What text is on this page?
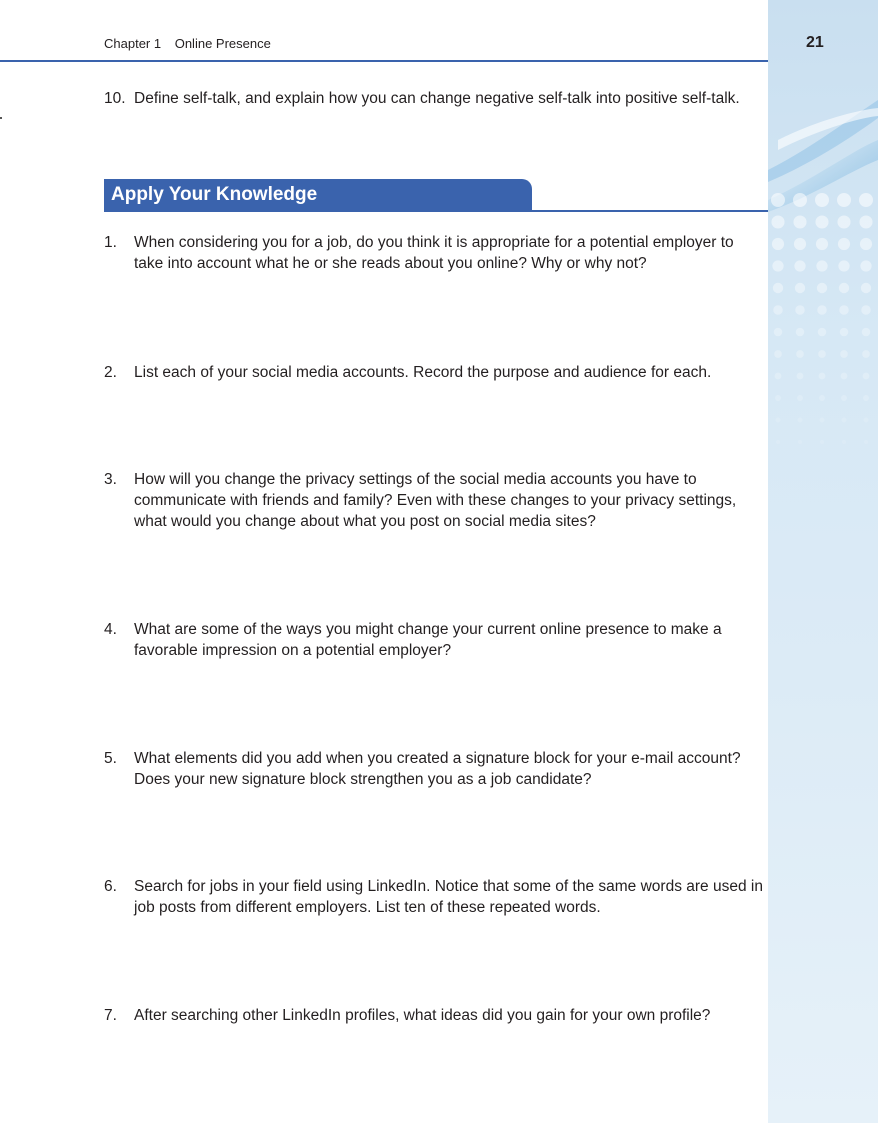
Chapter 1 Online Presence	21
10. Define self-talk, and explain how you can change negative self-talk into positive self-talk.
Apply Your Knowledge
1. When considering you for a job, do you think it is appropriate for a potential employer to take into account what he or she reads about you online? Why or why not?
2. List each of your social media accounts. Record the purpose and audience for each.
3. How will you change the privacy settings of the social media accounts you have to communicate with friends and family? Even with these changes to your privacy settings, what would you change about what you post on social media sites?
4. What are some of the ways you might change your current online presence to make a favorable impression on a potential employer?
5. What elements did you add when you created a signature block for your e-mail account? Does your new signature block strengthen you as a job candidate?
6. Search for jobs in your field using LinkedIn. Notice that some of the same words are used in job posts from different employers. List ten of these repeated words.
7. After searching other LinkedIn profiles, what ideas did you gain for your own profile?
